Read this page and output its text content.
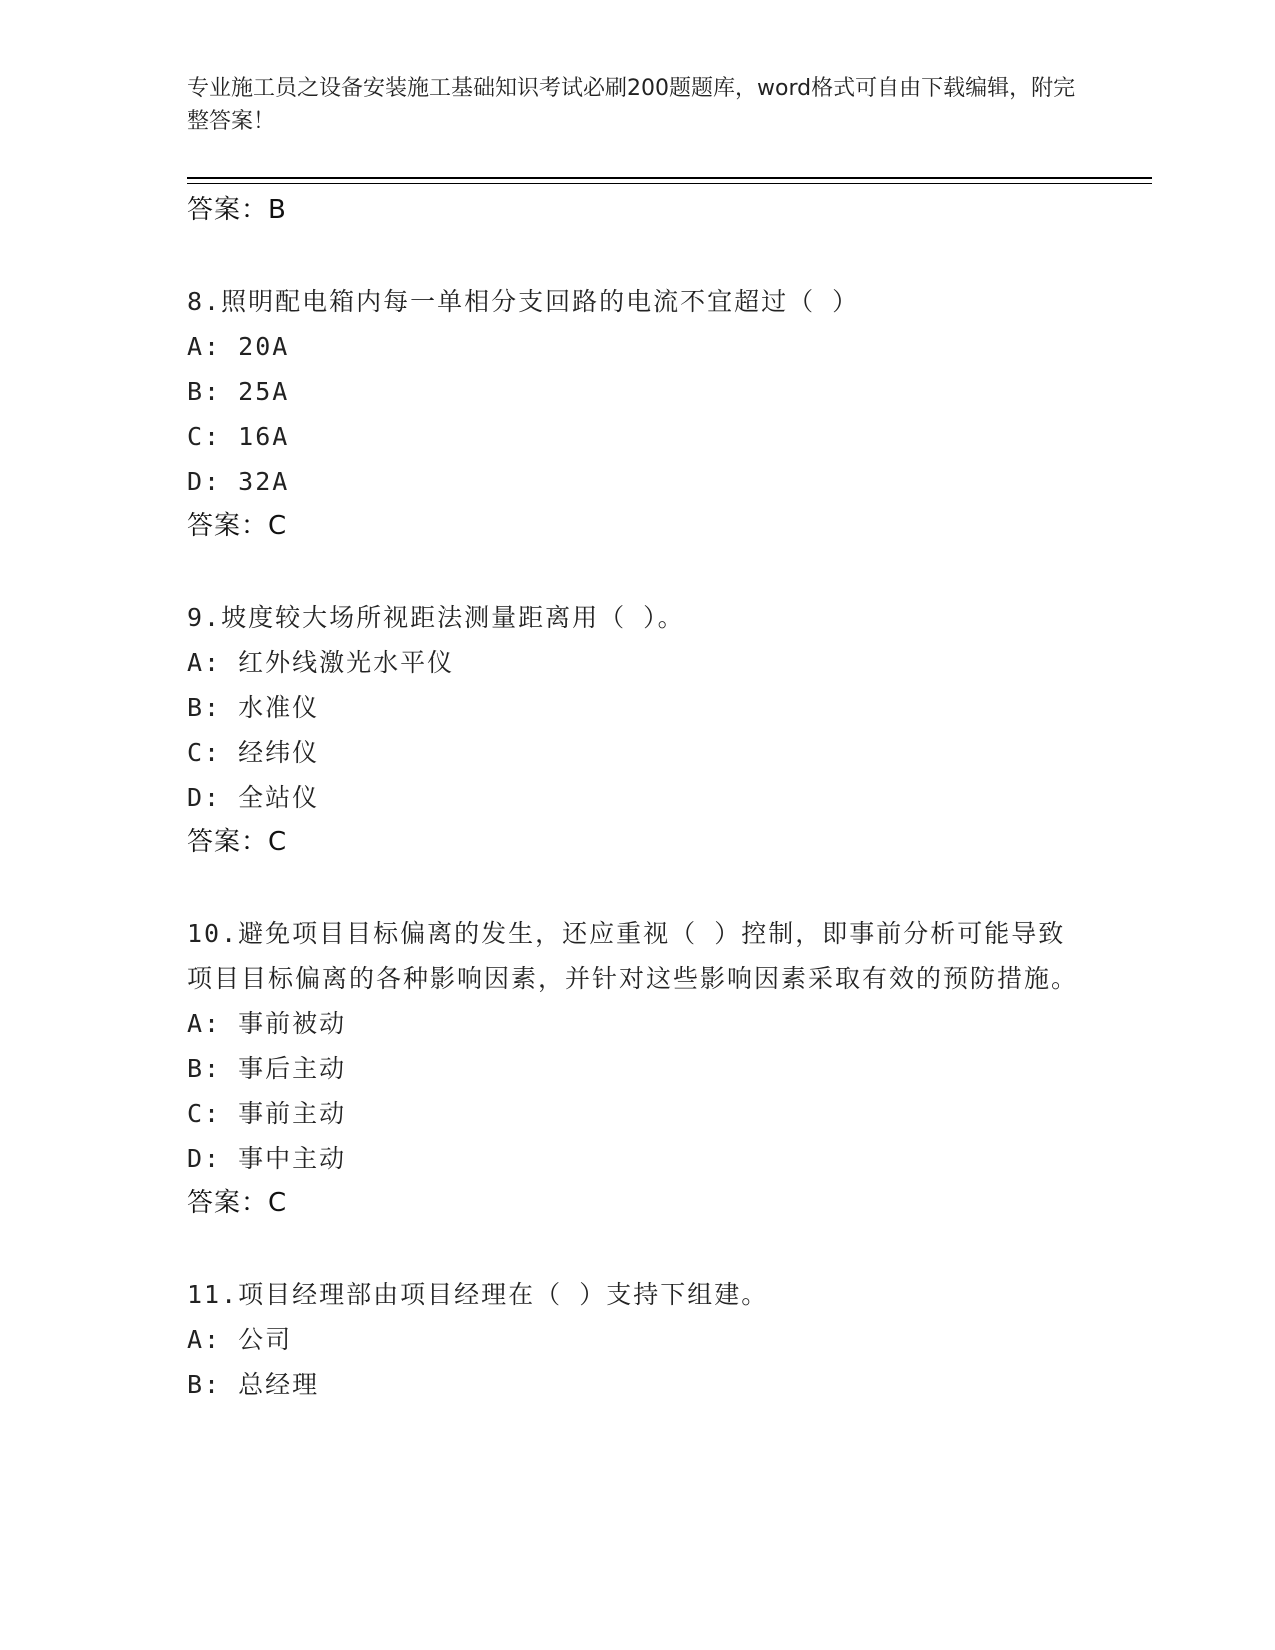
专业施工员之设备安装施工基础知识考试必刷200题题库，word格式可自由下载编辑，附完整答案！
答案：B
8.照明配电箱内每一单相分支回路的电流不宜超过（ ）
A: 20A
B: 25A
C: 16A
D: 32A
答案：C
9.坡度较大场所视距法测量距离用（ ）。
A: 红外线激光水平仪
B: 水准仪
C: 经纬仪
D: 全站仪
答案：C
10.避免项目目标偏离的发生，还应重视（ ）控制，即事前分析可能导致项目目标偏离的各种影响因素，并针对这些影响因素采取有效的预防措施。
A: 事前被动
B: 事后主动
C: 事前主动
D: 事中主动
答案：C
11.项目经理部由项目经理在（ ）支持下组建。
A: 公司
B: 总经理
